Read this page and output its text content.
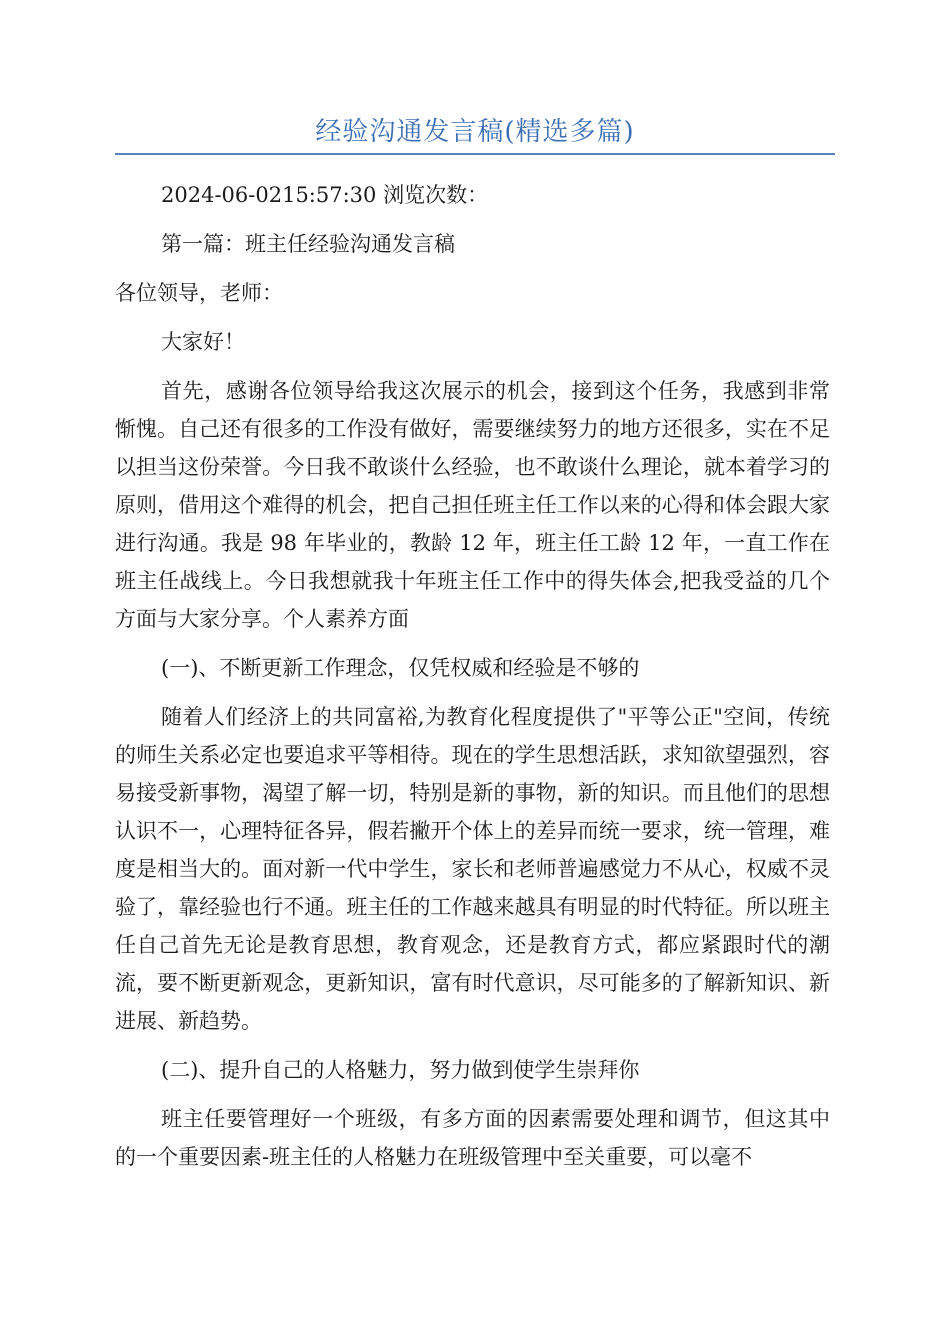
经验沟通发言稿(精选多篇)

2024-06-0215:57:30 浏览次数：

第一篇：班主任经验沟通发言稿

各位领导，老师：

大家好！

首先，感谢各位领导给我这次展示的机会，接到这个任务，我感到非常惭愧。自己还有很多的工作没有做好，需要继续努力的地方还很多，实在不足以担当这份荣誉。今日我不敢谈什么经验，也不敢谈什么理论，就本着学习的原则，借用这个难得的机会，把自己担任班主任工作以来的心得和体会跟大家进行沟通。我是 98 年毕业的，教龄 12 年，班主任工龄 12 年，一直工作在班主任战线上。今日我想就我十年班主任工作中的得失体会,把我受益的几个方面与大家分享。个人素养方面

(一)、不断更新工作理念，仅凭权威和经验是不够的

随着人们经济上的共同富裕,为教育化程度提供了"平等公正"空间，传统的师生关系必定也要追求平等相待。现在的学生思想活跃，求知欲望强烈，容易接受新事物，渴望了解一切，特别是新的事物，新的知识。而且他们的思想认识不一，心理特征各异，假若撇开个体上的差异而统一要求，统一管理，难度是相当大的。面对新一代中学生，家长和老师普遍感觉力不从心，权威不灵验了，靠经验也行不通。班主任的工作越来越具有明显的时代特征。所以班主任自己首先无论是教育思想，教育观念，还是教育方式，都应紧跟时代的潮流，要不断更新观念，更新知识，富有时代意识，尽可能多的了解新知识、新进展、新趋势。

(二)、提升自己的人格魅力，努力做到使学生崇拜你

班主任要管理好一个班级，有多方面的因素需要处理和调节，但这其中的一个重要因素-班主任的人格魅力在班级管理中至关重要，可以毫不
